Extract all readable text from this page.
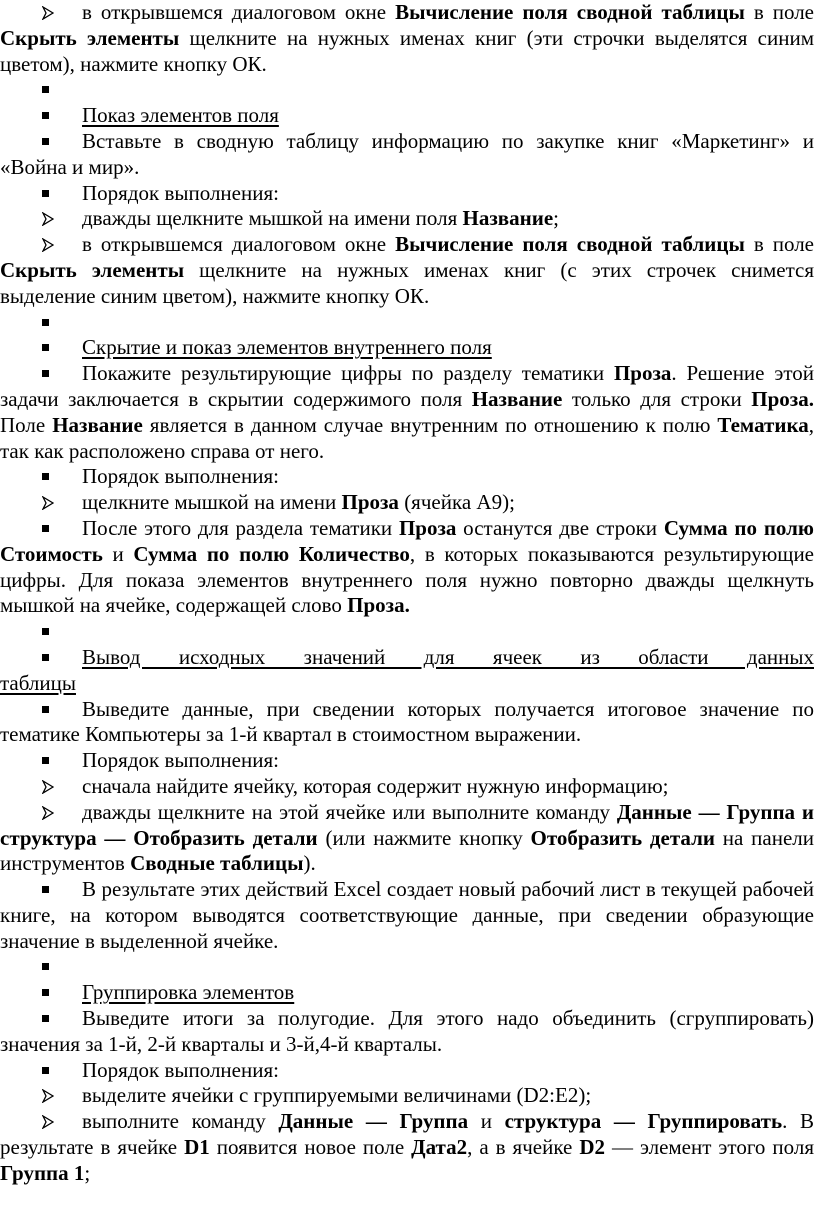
в открывшемся диалоговом окне Вычисление поля сводной таблицы в поле Скрыть элементы щелкните на нужных именах книг (эти строчки выделятся синим цветом), нажмите кнопку ОК.

Показ элементов поля

Вставьте в сводную таблицу информацию по закупке книг «Маркетинг» и «Война и мир».

Порядок выполнения:

дважды щелкните мышкой на имени поля Название;

в открывшемся диалоговом окне Вычисление поля сводной таблицы в поле Скрыть элементы щелкните на нужных именах книг (с этих строчек снимется выделение синим цветом), нажмите кнопку ОК.

Скрытие и показ элементов внутреннего поля

Покажите результирующие цифры по разделу тематики Проза. Решение этой задачи заключается в скрытии содержимого поля Название только для строки Проза. Поле Название является в данном случае внутренним по отношению к полю Тематика, так как расположено справа от него.

Порядок выполнения:

щелкните мышкой на имени Проза (ячейка А9);

После этого для раздела тематики Проза останутся две строки Сумма по полю Стоимость и Сумма по полю Количество, в которых показываются результирующие цифры. Для показа элементов внутреннего поля нужно повторно дважды щелкнуть мышкой на ячейке, содержащей слово Проза.

Вывод исходных значений для ячеек из области данных

таблицы

Выведите данные, при сведении которых получается итоговое значение по тематике Компьютеры за 1-й квартал в стоимостном выражении.

Порядок выполнения:

сначала найдите ячейку, которая содержит нужную информацию;

дважды щелкните на этой ячейке или выполните команду Данные — Группа и структура — Отобразить детали (или нажмите кнопку Отобразить детали на панели инструментов Сводные таблицы).

В результате этих действий Excel создает новый рабочий лист в текущей рабочей книге, на котором выводятся соответствующие данные, при сведении образующие значение в выделенной ячейке.

Группировка элементов

Выведите итоги за полугодие. Для этого надо объединить (сгруппировать) значения за 1-й, 2-й кварталы и 3-й,4-й кварталы.

Порядок выполнения:

выделите ячейки с группируемыми величинами (D2:E2);

выполните команду Данные — Группа и структура — Группировать. В результате в ячейке D1 появится новое поле Дата2, а в ячейке D2 — элемент этого поля Группа 1;
